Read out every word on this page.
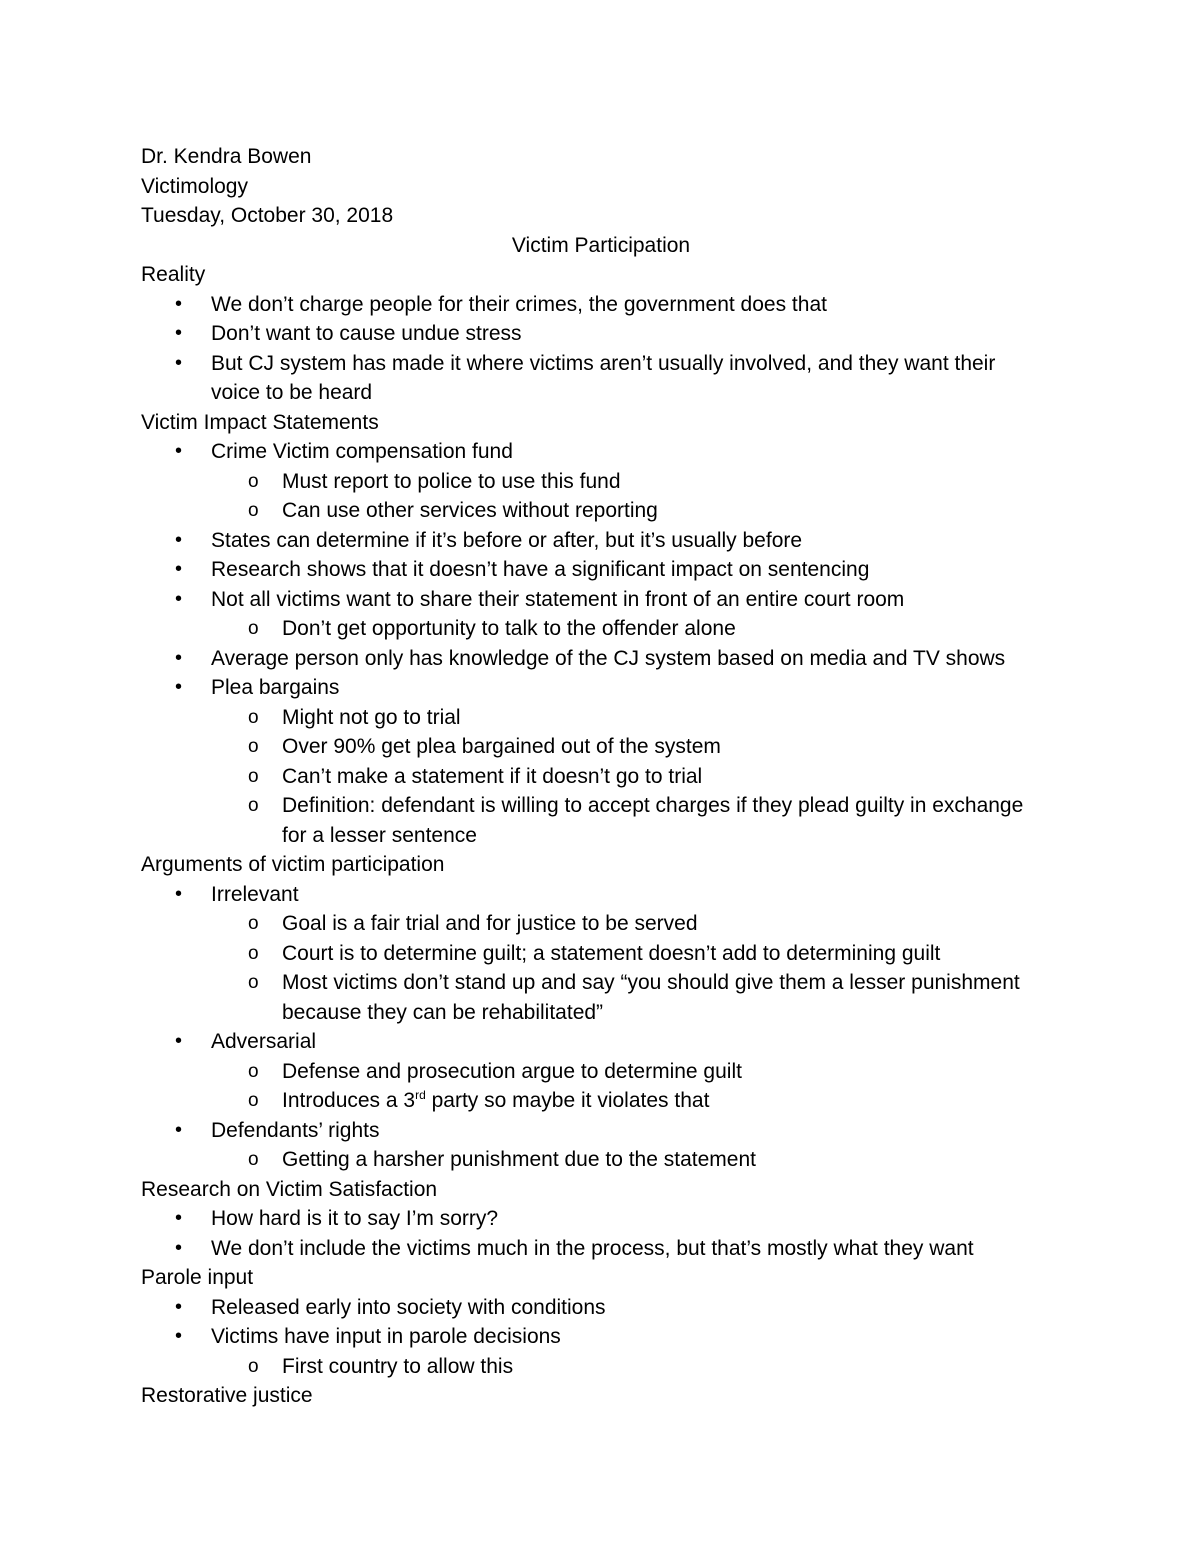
Dr. Kendra Bowen
Victimology
Tuesday, October 30, 2018
Victim Participation
Reality
• We don’t charge people for their crimes, the government does that
• Don’t want to cause undue stress
• But CJ system has made it where victims aren’t usually involved, and they want their
voice to be heard
Victim Impact Statements
• Crime Victim compensation fund
o Must report to police to use this fund
o Can use other services without reporting
• States can determine if it’s before or after, but it’s usually before
• Research shows that it doesn’t have a significant impact on sentencing
• Not all victims want to share their statement in front of an entire court room
o Don’t get opportunity to talk to the offender alone
• Average person only has knowledge of the CJ system based on media and TV shows
• Plea bargains
o Might not go to trial
o Over 90% get plea bargained out of the system
o Can’t make a statement if it doesn’t go to trial
o Definition: defendant is willing to accept charges if they plead guilty in exchange
for a lesser sentence
Arguments of victim participation
• Irrelevant
o Goal is a fair trial and for justice to be served
o Court is to determine guilt; a statement doesn’t add to determining guilt
o Most victims don’t stand up and say “you should give them a lesser punishment
because they can be rehabilitated”
• Adversarial
o Defense and prosecution argue to determine guilt
o Introduces a 3rd party so maybe it violates that
• Defendants’ rights
o Getting a harsher punishment due to the statement
Research on Victim Satisfaction
• How hard is it to say I’m sorry?
• We don’t include the victims much in the process, but that’s mostly what they want
Parole input
• Released early into society with conditions
• Victims have input in parole decisions
o First country to allow this
Restorative justice
